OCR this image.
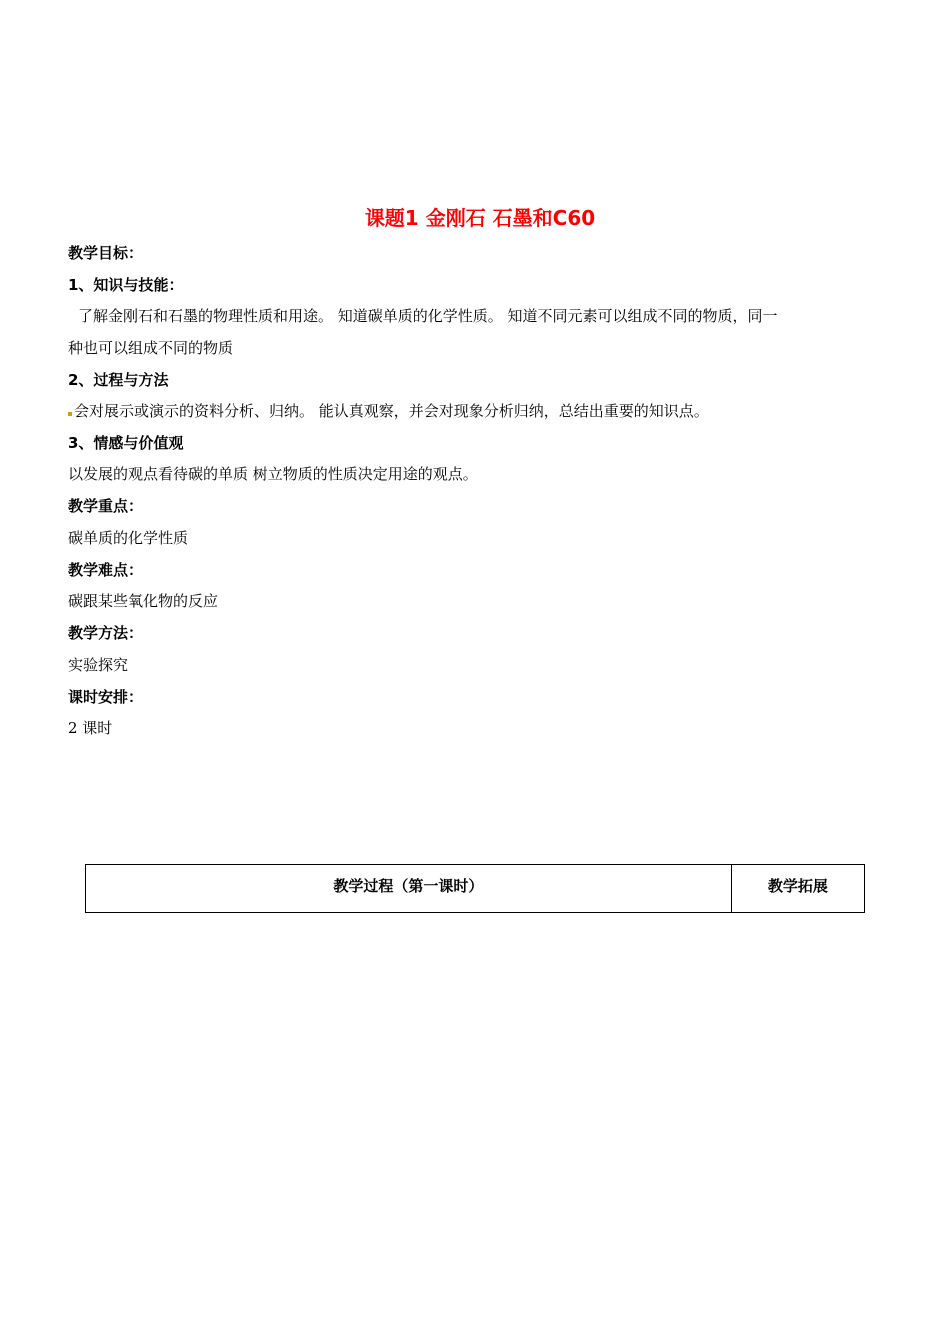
课题1 金刚石 石墨和C60
教学目标：
1、知识与技能：
了解金刚石和石墨的物理性质和用途。 知道碳单质的化学性质。 知道不同元素可以组成不同的物质，同一
种也可以组成不同的物质
2、过程与方法
会对展示或演示的资料分析、归纳。 能认真观察，并会对现象分析归纳，总结出重要的知识点。
3、情感与价值观
以发展的观点看待碳的单质 树立物质的性质决定用途的观点。
教学重点：
碳单质的化学性质
教学难点：
碳跟某些氧化物的反应
教学方法：
实验探究
课时安排：
2 课时
教学过程（第一课时）	教学拓展
